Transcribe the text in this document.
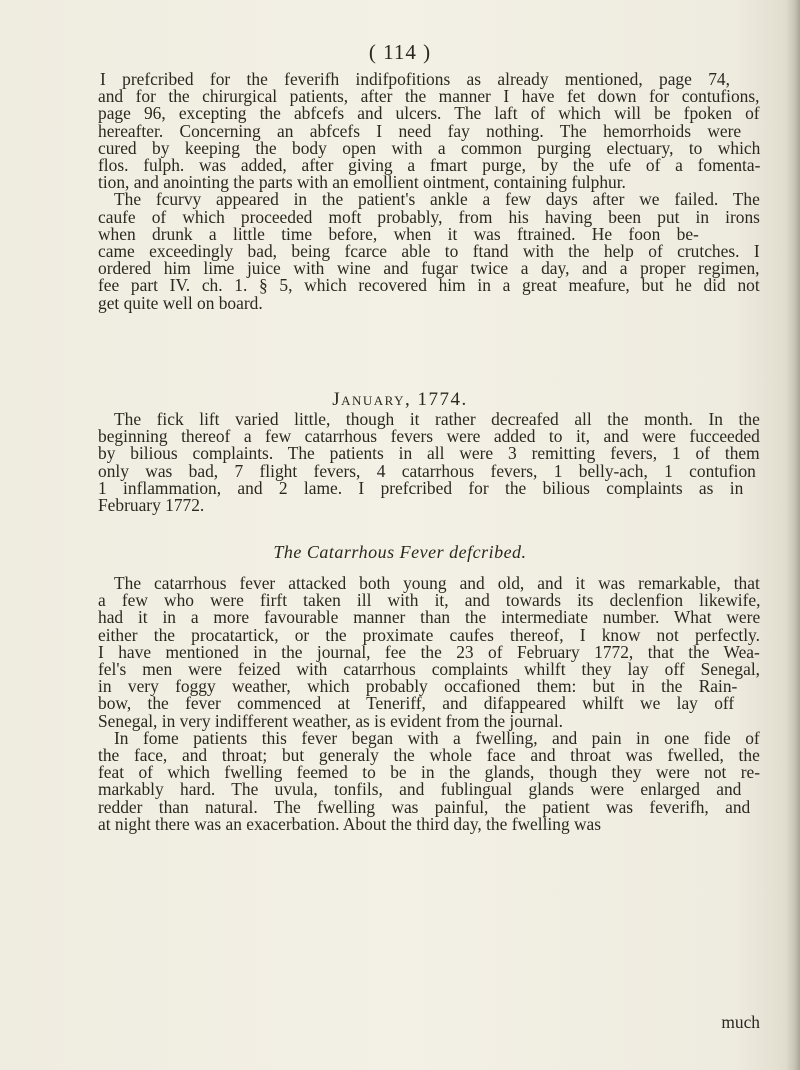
( 114 )
I prefcribed for the feverifh indifpofitions as already mentioned, page 74,
and for the chirurgical patients, after the manner I have fet down for contufions,
page 96, excepting the abfcefs and ulcers. The laft of which will be fpoken of
hereafter. Concerning an abfcefs I need fay nothing. The hemorrhoids were
cured by keeping the body open with a common purging electuary, to which
flos. fulph. was added, after giving a fmart purge, by the ufe of a fomenta-
tion, and anointing the parts with an emollient ointment, containing fulphur.
The fcurvy appeared in the patient's ankle a few days after we failed. The
caufe of which proceeded moft probably, from his having been put in irons
when drunk a little time before, when it was ftrained. He foon be-
came exceedingly bad, being fcarce able to ftand with the help of crutches. I
ordered him lime juice with wine and fugar twice a day, and a proper regimen,
fee part IV. ch. 1. § 5, which recovered him in a great meafure, but he did not
get quite well on board.
January, 1774.
The fick lift varied little, though it rather decreafed all the month. In the
beginning thereof a few catarrhous fevers were added to it, and were fucceeded
by bilious complaints. The patients in all were 3 remitting fevers, 1 of them
only was bad, 7 flight fevers, 4 catarrhous fevers, 1 belly-ach, 1 contufion
1 inflammation, and 2 lame. I prefcribed for the bilious complaints as in
February 1772.
The Catarrhous Fever defcribed.
The catarrhous fever attacked both young and old, and it was remarkable, that
a few who were firft taken ill with it, and towards its declenfion likewife,
had it in a more favourable manner than the intermediate number. What were
either the procatartick, or the proximate caufes thereof, I know not perfectly.
I have mentioned in the journal, fee the 23 of February 1772, that the Wea-
fel's men were feized with catarrhous complaints whilft they lay off Senegal,
in very foggy weather, which probably occafioned them: but in the Rain-
bow, the fever commenced at Teneriff, and difappeared whilft we lay off
Senegal, in very indifferent weather, as is evident from the journal.
In fome patients this fever began with a fwelling, and pain in one fide of
the face, and throat; but generaly the whole face and throat was fwelled, the
feat of which fwelling feemed to be in the glands, though they were not re-
markably hard. The uvula, tonfils, and fublingual glands were enlarged and
redder than natural. The fwelling was painful, the patient was feverifh, and
at night there was an exacerbation. About the third day, the fwelling was
much
